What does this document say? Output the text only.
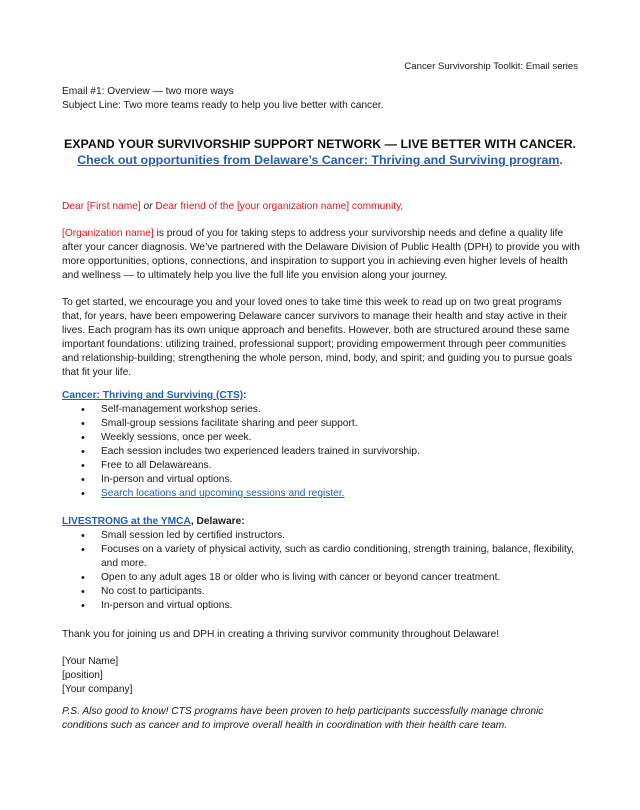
Cancer Survivorship Toolkit: Email series
Email #1: Overview — two more ways
Subject Line: Two more teams ready to help you live better with cancer.
EXPAND YOUR SURVIVORSHIP SUPPORT NETWORK — LIVE BETTER WITH CANCER.
Check out opportunities from Delaware’s Cancer: Thriving and Surviving program.
Dear [First name] or Dear friend of the [your organization name] community,
[Organization name] is proud of you for taking steps to address your survivorship needs and define a quality life after your cancer diagnosis. We’ve partnered with the Delaware Division of Public Health (DPH) to provide you with more opportunities, options, connections, and inspiration to support you in achieving even higher levels of health and wellness — to ultimately help you live the full life you envision along your journey.
To get started, we encourage you and your loved ones to take time this week to read up on two great programs that, for years, have been empowering Delaware cancer survivors to manage their health and stay active in their lives. Each program has its own unique approach and benefits. However, both are structured around these same important foundations: utilizing trained, professional support; providing empowerment through peer communities and relationship-building; strengthening the whole person, mind, body, and spirit; and guiding you to pursue goals that fit your life.
Cancer: Thriving and Surviving (CTS):
• Self-management workshop series.
• Small-group sessions facilitate sharing and peer support.
• Weekly sessions, once per week.
• Each session includes two experienced leaders trained in survivorship.
• Free to all Delawareans.
• In-person and virtual options.
• Search locations and upcoming sessions and register.
LIVESTRONG at the YMCA, Delaware:
• Small session led by certified instructors.
• Focuses on a variety of physical activity, such as cardio conditioning, strength training, balance, flexibility, and more.
• Open to any adult ages 18 or older who is living with cancer or beyond cancer treatment.
• No cost to participants.
• In-person and virtual options.
Thank you for joining us and DPH in creating a thriving survivor community throughout Delaware!
[Your Name]
[position]
[Your company]
P.S. Also good to know! CTS programs have been proven to help participants successfully manage chronic conditions such as cancer and to improve overall health in coordination with their health care team.
